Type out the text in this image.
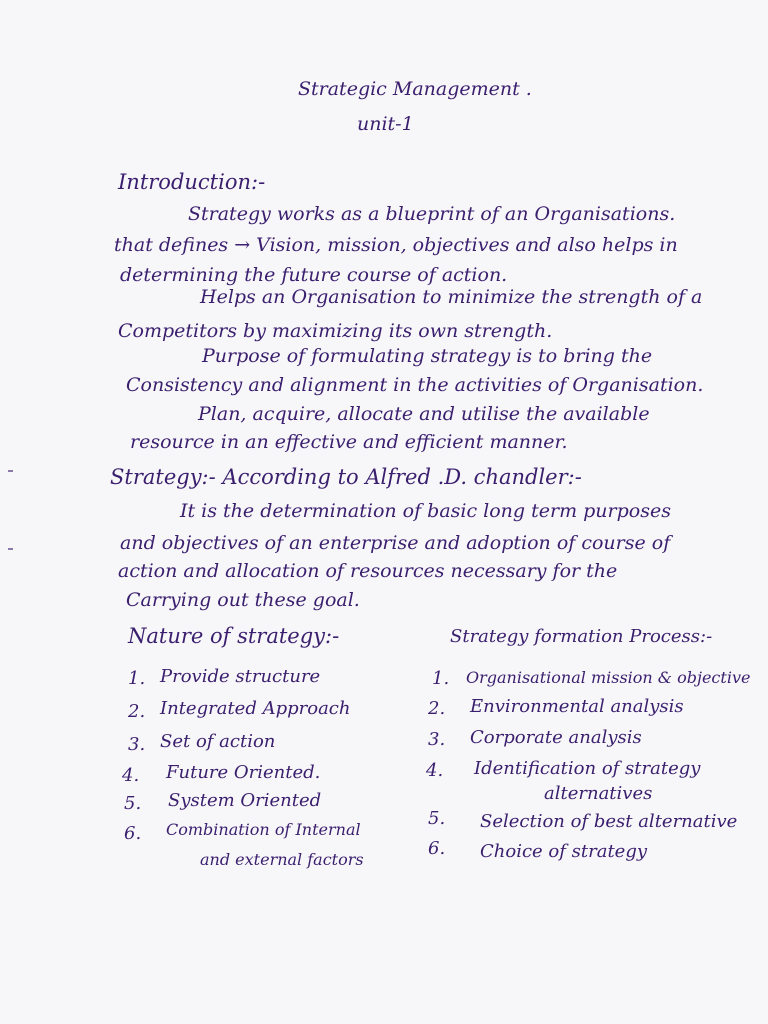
Strategic Management .
unit-1
Introduction:-
Strategy works as a blueprint of an Organisations.
that defines → Vision, mission, objectives and also helps in
determining the future course of action.
Helps an Organisation to minimize the strength of a
Competitors by maximizing its own strength.
Purpose of formulating strategy is to bring the
Consistency and alignment in the activities of Organisation.
Plan, acquire, allocate and utilise the available
resource in an effective and efficient manner.
Strategy:- According to Alfred .D. chandler:-
It is the determination of basic long term purposes
and objectives of an enterprise and adoption of course of
action and allocation of resources necessary for the
Carrying out these goal.
Nature of strategy:-
1. Provide structure
2. Integrated Approach
3. Set of action
4. Future Oriented.
5. System Oriented
6. Combination of Internal
and external factors
Strategy formation Process:-
1. Organisational mission & objective
2. Environmental analysis
3. Corporate analysis
4. Identification of strategy
alternatives
5. Selection of best alternative
6. Choice of strategy
